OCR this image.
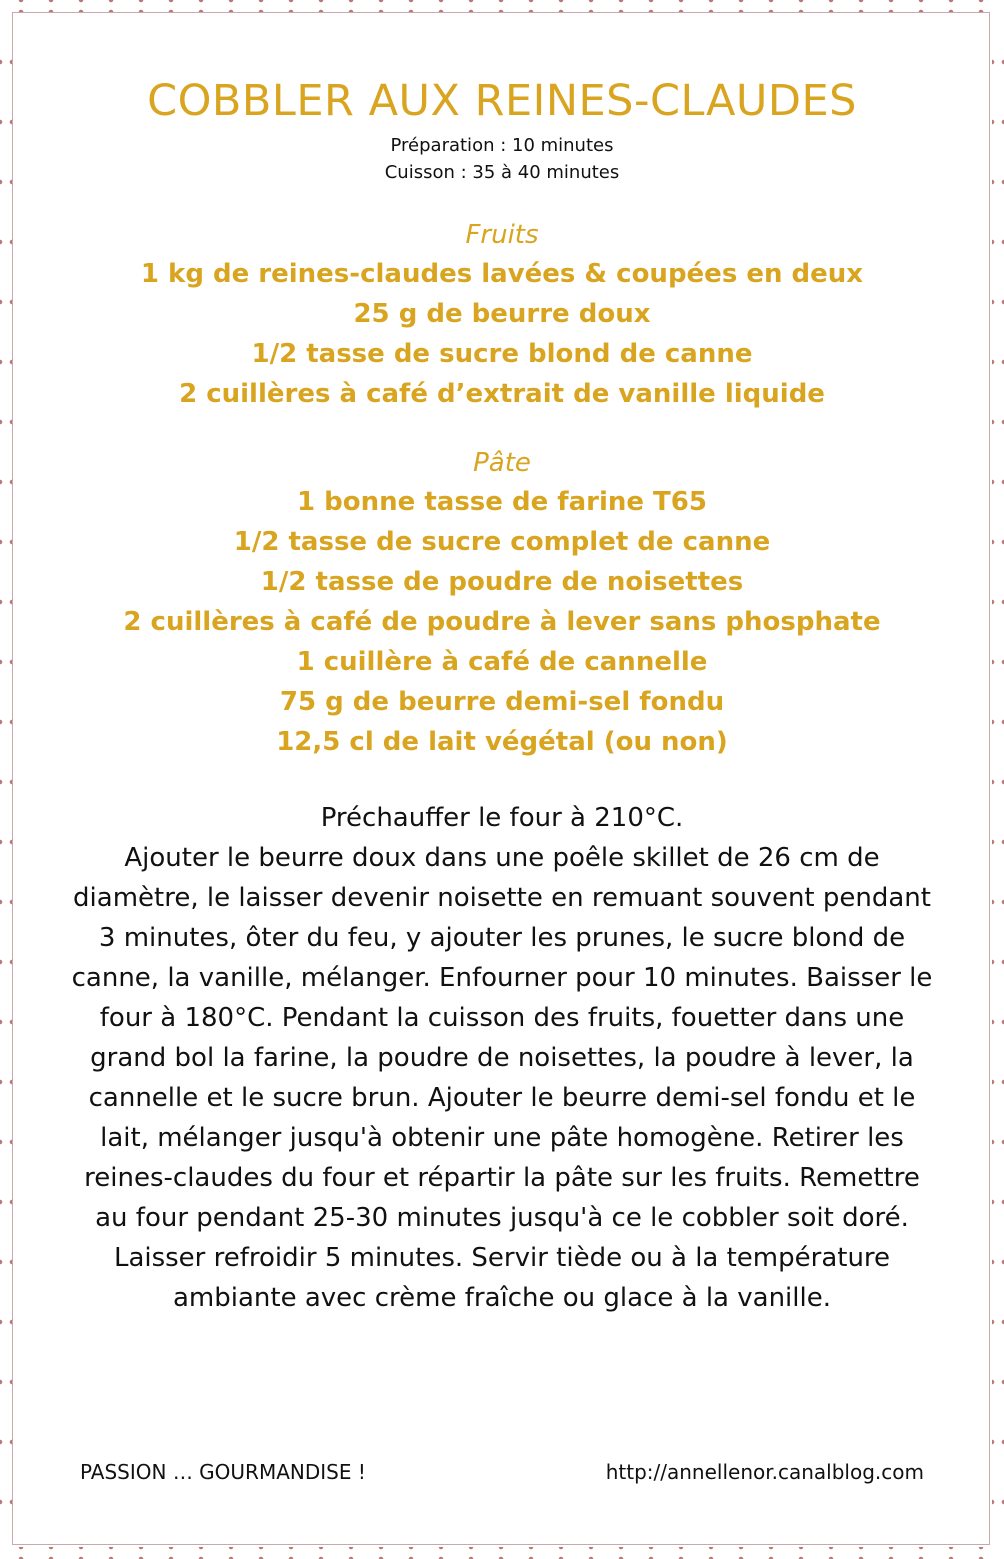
COBBLER AUX REINES-CLAUDES
Préparation : 10 minutes
Cuisson : 35 à 40 minutes
Fruits
1 kg de reines-claudes lavées & coupées en deux
25 g de beurre doux
1/2 tasse de sucre blond de canne
2 cuillères à café d’extrait de vanille liquide
Pâte
1 bonne tasse de farine T65
1/2 tasse de sucre complet de canne
1/2 tasse de poudre de noisettes
2 cuillères à café de poudre à lever sans phosphate
1 cuillère à café de cannelle
75 g de beurre demi-sel fondu
12,5 cl de lait végétal (ou non)
Préchauffer le four à 210°C.
Ajouter le beurre doux dans une poêle skillet de 26 cm de diamètre, le laisser devenir noisette en remuant souvent pendant 3 minutes, ôter du feu, y ajouter les prunes, le sucre blond de canne, la vanille, mélanger. Enfourner pour 10 minutes. Baisser le four à 180°C. Pendant la cuisson des fruits, fouetter dans une grand bol la farine, la poudre de noisettes, la poudre à lever, la cannelle et le sucre brun. Ajouter le beurre demi-sel fondu et le lait, mélanger jusqu'à obtenir une pâte homogène. Retirer les reines-claudes du four et répartir la pâte sur les fruits. Remettre au four pendant 25-30 minutes jusqu'à ce le cobbler soit doré.
Laisser refroidir 5 minutes. Servir tiède ou à la température ambiante avec crème fraîche ou glace à la vanille.
PASSION … GOURMANDISE !	http://annellenor.canalblog.com
